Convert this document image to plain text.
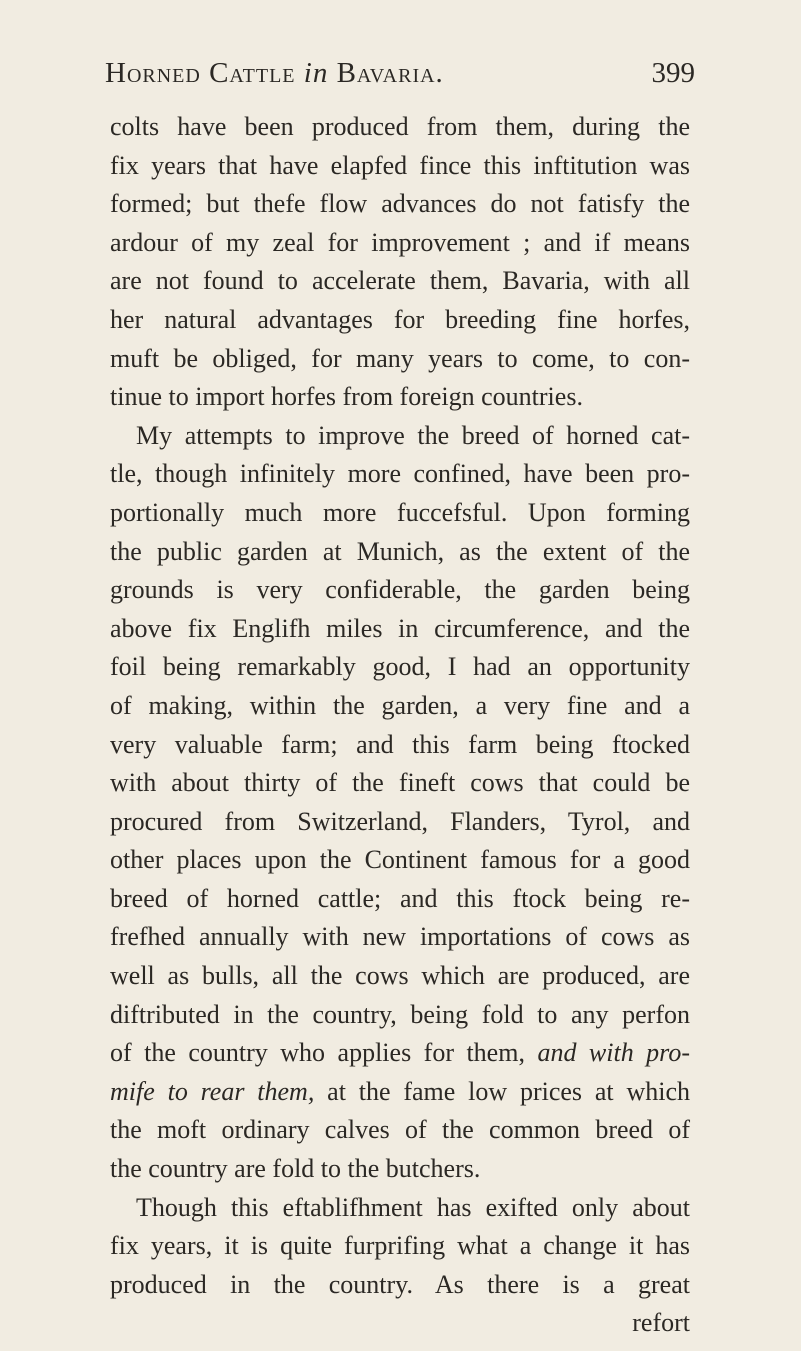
Horned Cattle in Bavaria.	399
colts have been produced from them, during the
fix years that have elapfed fince this inftitution was
formed; but thefe flow advances do not fatisfy the
ardour of my zeal for improvement ; and if means
are not found to accelerate them, Bavaria, with all
her natural advantages for breeding fine horfes,
muft be obliged, for many years to come, to con-
tinue to import horfes from foreign countries.
My attempts to improve the breed of horned cat-
tle, though infinitely more confined, have been pro-
portionally much more fuccefsful. Upon forming
the public garden at Munich, as the extent of the
grounds is very confiderable, the garden being
above fix Englifh miles in circumference, and the
foil being remarkably good, I had an opportunity
of making, within the garden, a very fine and a
very valuable farm; and this farm being ftocked
with about thirty of the fineft cows that could be
procured from Switzerland, Flanders, Tyrol, and
other places upon the Continent famous for a good
breed of horned cattle; and this ftock being re-
frefhed annually with new importations of cows as
well as bulls, all the cows which are produced, are
diftributed in the country, being fold to any perfon
of the country who applies for them, and with pro-
mife to rear them, at the fame low prices at which
the moft ordinary calves of the common breed of
the country are fold to the butchers.
Though this eftablifhment has exifted only about
fix years, it is quite furprifing what a change it has
produced in the country. As there is a great
refort
